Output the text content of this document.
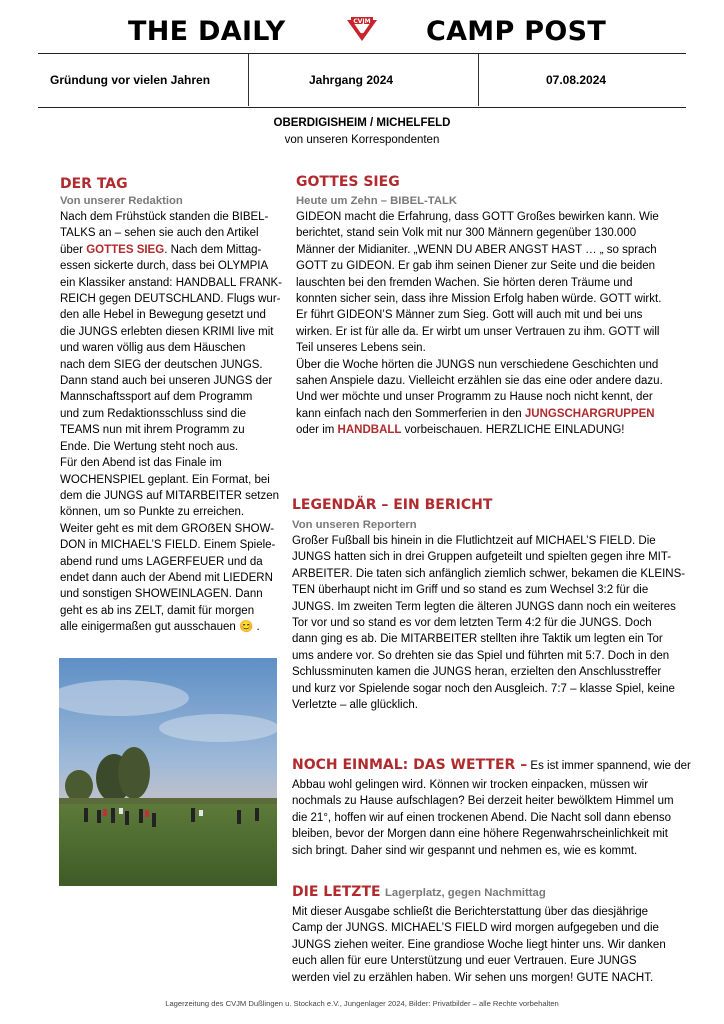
THE DAILY	CVJM CAMP POST
Gründung vor vielen Jahren	Jahrgang 2024	07.08.2024
OBERDIGISHEIM / MICHELFELD
von unseren Korrespondenten
DER TAG
Von unserer Redaktion
Nach dem Frühstück standen die BIBEL-
TALKS an – sehen sie auch den Artikel
über GOTTES SIEG. Nach dem Mittag-
essen sickerte durch, dass bei OLYMPIA
ein Klassiker anstand: HANDBALL FRANK-
REICH gegen DEUTSCHLAND. Flugs wur-
den alle Hebel in Bewegung gesetzt und
die JUNGS erlebten diesen KRIMI live mit
und waren völlig aus dem Häuschen
nach dem SIEG der deutschen JUNGS.
Dann stand auch bei unseren JUNGS der
Mannschaftssport auf dem Programm
und zum Redaktionsschluss sind die
TEAMS nun mit ihrem Programm zu
Ende. Die Wertung steht noch aus.
Für den Abend ist das Finale im
WOCHENSPIEL geplant. Ein Format, bei
dem die JUNGS auf MITARBEITER setzen
können, um so Punkte zu erreichen.
Weiter geht es mit dem GROẞEN SHOW-
DON in MICHAEL’S FIELD. Einem Spiele-
abend rund ums LAGERFEUER und da
endet dann auch der Abend mit LIEDERN
und sonstigen SHOWEINLAGEN. Dann
geht es ab ins ZELT, damit für morgen
alle einigermaßen gut ausschauen 😊 .
GOTTES SIEG
Heute um Zehn – BIBEL-TALK
GIDEON macht die Erfahrung, dass GOTT Großes bewirken kann. Wie
berichtet, stand sein Volk mit nur 300 Männern gegenüber 130.000
Männer der Midianiter. „WENN DU ABER ANGST HAST … „ so sprach
GOTT zu GIDEON. Er gab ihm seinen Diener zur Seite und die beiden
lauschten bei den fremden Wachen. Sie hörten deren Träume und
konnten sicher sein, dass ihre Mission Erfolg haben würde. GOTT wirkt.
Er führt GIDEON’S Männer zum Sieg. Gott will auch mit und bei uns
wirken. Er ist für alle da. Er wirbt um unser Vertrauen zu ihm. GOTT will
Teil unseres Lebens sein.
Über die Woche hörten die JUNGS nun verschiedene Geschichten und
sahen Anspiele dazu. Vielleicht erzählen sie das eine oder andere dazu.
Und wer möchte und unser Programm zu Hause noch nicht kennt, der
kann einfach nach den Sommerferien in den JUNGSCHARGRUPPEN
oder im HANDBALL vorbeischauen. HERZLICHE EINLADUNG!
LEGENDÄR – EIN BERICHT
Von unseren Reportern
Großer Fußball bis hinein in die Flutlichtzeit auf MICHAEL’S FIELD. Die
JUNGS hatten sich in drei Gruppen aufgeteilt und spielten gegen ihre MIT-
ARBEITER. Die taten sich anfänglich ziemlich schwer, bekamen die KLEINS-
TEN überhaupt nicht im Griff und so stand es zum Wechsel 3:2 für die
JUNGS. Im zweiten Term legten die älteren JUNGS dann noch ein weiteres
Tor vor und so stand es vor dem letzten Term 4:2 für die JUNGS. Doch
dann ging es ab. Die MITARBEITER stellten ihre Taktik um legten ein Tor
ums andere vor. So drehten sie das Spiel und führten mit 5:7. Doch in den
Schlussminuten kamen die JUNGS heran, erzielten den Anschlusstreffer
und kurz vor Spielende sogar noch den Ausgleich. 7:7 – klasse Spiel, keine
Verletzte – alle glücklich.
NOCH EINMAL: DAS WETTER – Es ist immer spannend, wie der
Abbau wohl gelingen wird. Können wir trocken einpacken, müssen wir
nochmals zu Hause aufschlagen? Bei derzeit heiter bewölktem Himmel um
die 21°, hoffen wir auf einen trockenen Abend. Die Nacht soll dann ebenso
bleiben, bevor der Morgen dann eine höhere Regenwahrscheinlichkeit mit
sich bringt. Daher sind wir gespannt und nehmen es, wie es kommt.
DIE LETZTE Lagerplatz, gegen Nachmittag
Mit dieser Ausgabe schließt die Berichterstattung über das diesjährige
Camp der JUNGS. MICHAEL’S FIELD wird morgen aufgegeben und die
JUNGS ziehen weiter. Eine grandiose Woche liegt hinter uns. Wir danken
euch allen für eure Unterstützung und euer Vertrauen. Eure JUNGS
werden viel zu erzählen haben. Wir sehen uns morgen! GUTE NACHT.
Lagerzeitung des CVJM Dußlingen u. Stockach e.V., Jungenlager 2024, Bilder: Privatbilder – alle Rechte vorbehalten
